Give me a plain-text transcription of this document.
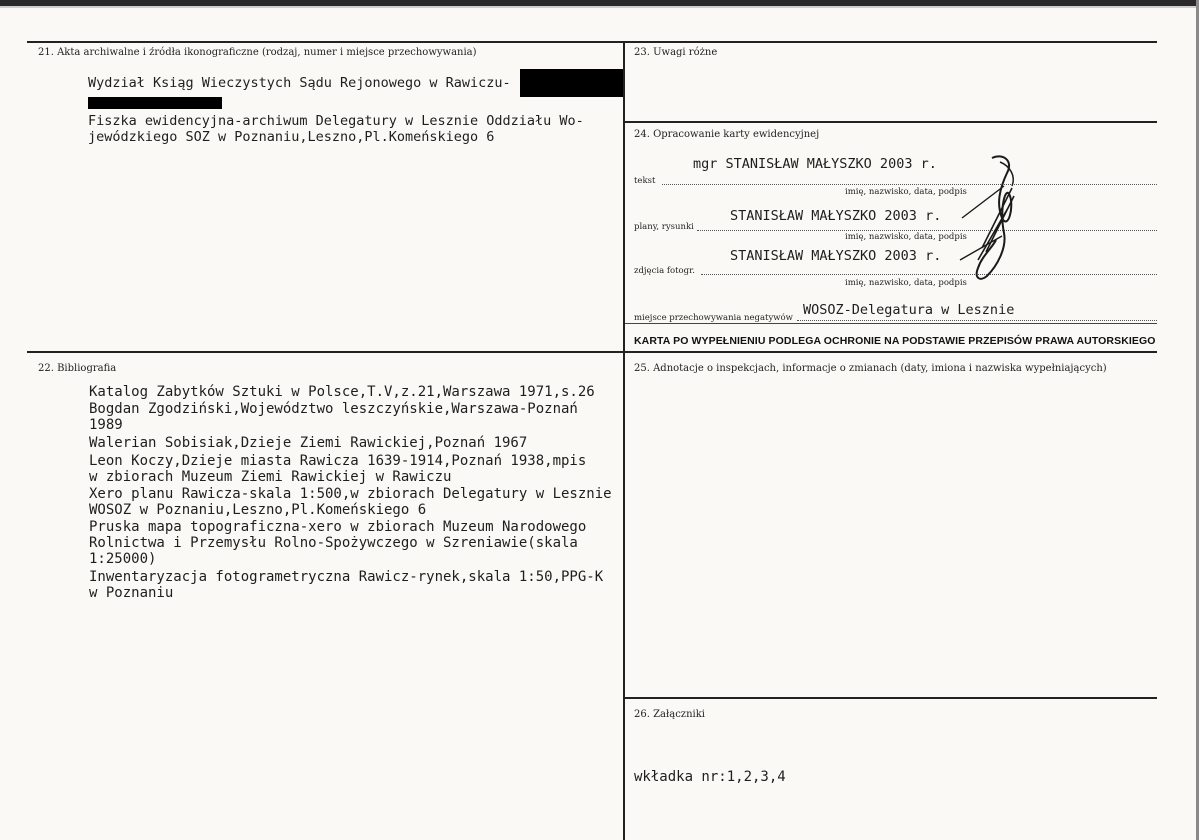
21. Akta archiwalne i źródła ikonograficzne (rodzaj, numer i miejsce przechowywania)
Wydział Ksiąg Wieczystych Sądu Rejonowego w Rawiczu-
Fiszka ewidencyjna-archiwum Delegatury w Lesznie Oddziału Wo-
jewódzkiego SOZ w Poznaniu,Leszno,Pl.Komeńskiego 6
22. Bibliografia
Katalog Zabytków Sztuki w Polsce,T.V,z.21,Warszawa 1971,s.26
Bogdan Zgodziński,Województwo leszczyńskie,Warszawa-Poznań
1989
Walerian Sobisiak,Dzieje Ziemi Rawickiej,Poznań 1967
Leon Koczy,Dzieje miasta Rawicza 1639-1914,Poznań 1938,mpis
w zbiorach Muzeum Ziemi Rawickiej w Rawiczu
Xero planu Rawicza-skala 1:500,w zbiorach Delegatury w Lesznie
WOSOZ w Poznaniu,Leszno,Pl.Komeńskiego 6
Pruska mapa topograficzna-xero w zbiorach Muzeum Narodowego
Rolnictwa i Przemysłu Rolno-Spożywczego w Szreniawie(skala
1:25000)
Inwentaryzacja fotogrametryczna Rawicz-rynek,skala 1:50,PPG-K
w Poznaniu
23. Uwagi różne
24. Opracowanie karty ewidencyjnej
mgr STANISŁAW MAŁYSZKO 2003 r.
tekst
imię, nazwisko, data, podpis
STANISŁAW MAŁYSZKO 2003 r.
plany, rysunki
imię, nazwisko, data, podpis
STANISŁAW MAŁYSZKO 2003 r.
zdjęcia fotogr.
imię, nazwisko, data, podpis
miejsce przechowywania negatywów WOSOZ-Delegatura w Lesznie
KARTA PO WYPEŁNIENIU PODLEGA OCHRONIE NA PODSTAWIE PRZEPISÓW PRAWA AUTORSKIEGO
25. Adnotacje o inspekcjach, informacje o zmianach (daty, imiona i nazwiska wypełniających)
26. Załączniki
wkładka nr:1,2,3,4
